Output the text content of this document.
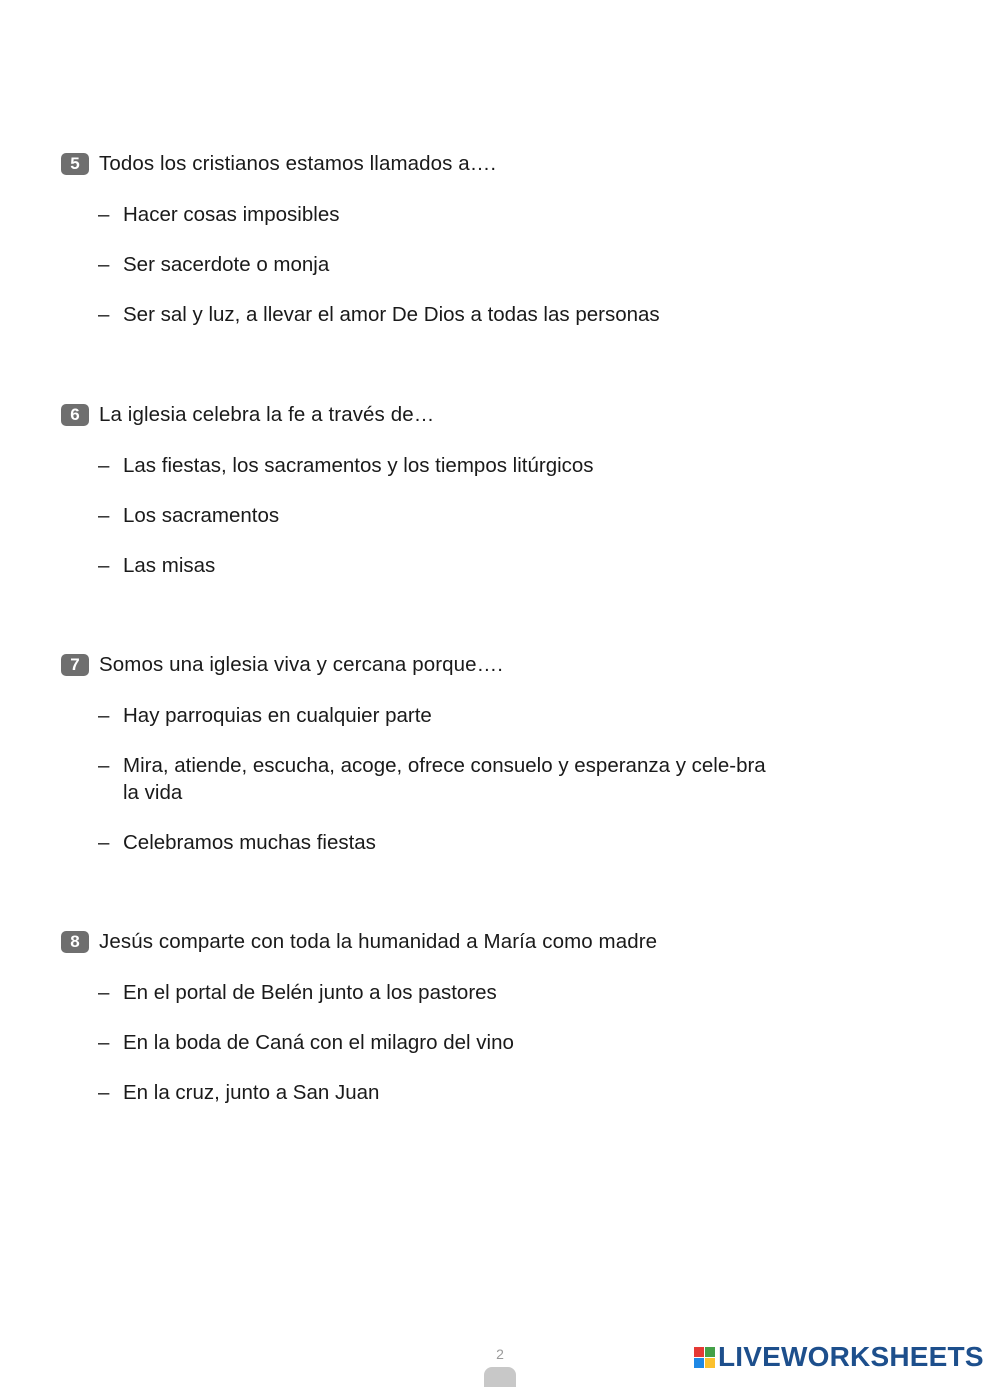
5 Todos los cristianos estamos llamados a….
– Hacer cosas imposibles
– Ser sacerdote o monja
– Ser sal y luz, a llevar el amor De Dios a todas las personas
6 La iglesia celebra la fe a través de…
– Las fiestas, los sacramentos y los tiempos litúrgicos
– Los sacramentos
– Las misas
7 Somos una iglesia viva y cercana porque….
– Hay parroquias en cualquier parte
– Mira, atiende, escucha, acoge, ofrece consuelo y esperanza y cele-bra la vida
– Celebramos muchas fiestas
8 Jesús comparte con toda la humanidad a María como madre
– En el portal de Belén junto a los pastores
– En la boda de Caná con el milagro del vino
– En la cruz, junto a San Juan
2	LIVEWORKSHEETS
